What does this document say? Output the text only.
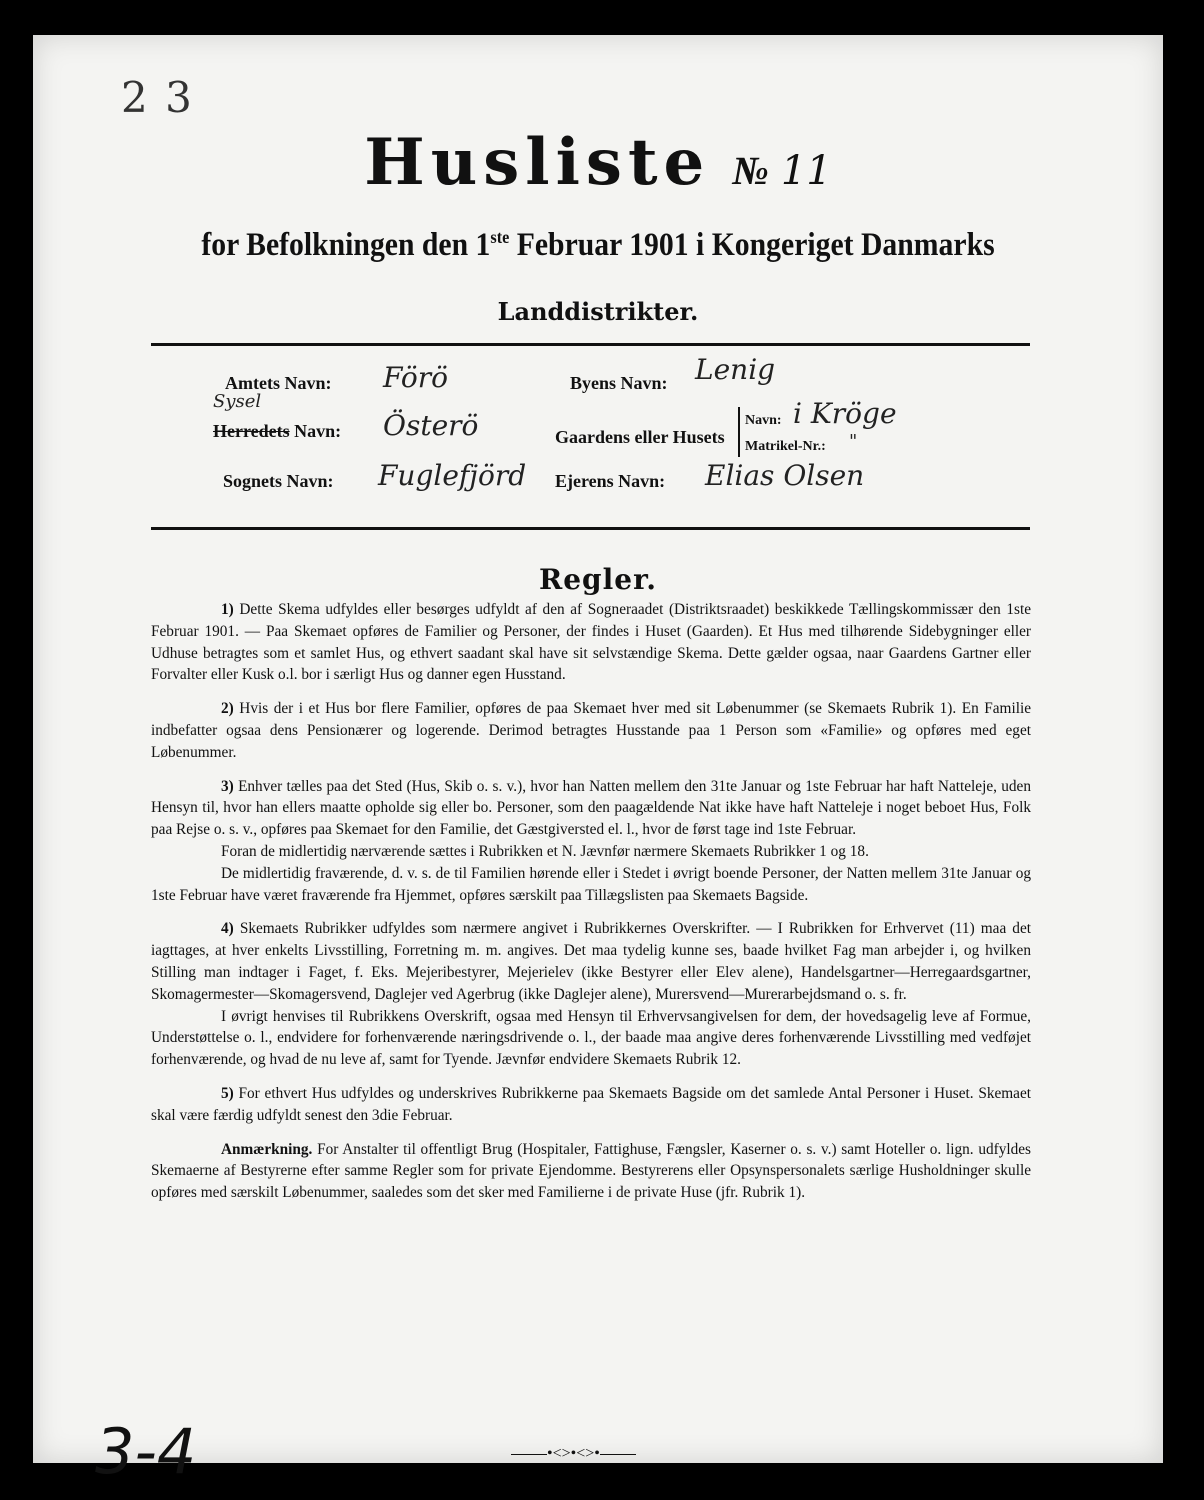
2 3
Husliste № 11
for Befolkningen den 1ste Februar 1901 i Kongeriget Danmarks
Landdistrikter.
Amtets Navn: Förö	Byens Navn: Lenig
Sysel
Herredets Navn: Österö	Gaardens eller Husets
Navn: i Kröge
Matrikel-Nr.: "
Sognets Navn: Fuglefjörd Ejerens Navn: Elias Olsen
Regler.

1) Dette Skema udfyldes eller besørges udfyldt af den af Sogneraadet (Distriktsraadet) beskikkede Tællingskommissær den 1ste Februar 1901. — Paa Skemaet opføres de Familier og Personer, der findes i Huset (Gaarden). Et Hus med tilhørende Sidebygninger eller Udhuse betragtes som et samlet Hus, og ethvert saadant skal have sit selvstændige Skema. Dette gælder ogsaa, naar Gaardens Gartner eller Forvalter eller Kusk o.l. bor i særligt Hus og danner egen Husstand.

2) Hvis der i et Hus bor flere Familier, opføres de paa Skemaet hver med sit Løbenummer (se Skemaets Rubrik 1). En Familie indbefatter ogsaa dens Pensionærer og logerende. Derimod betragtes Husstande paa 1 Person som «Familie» og opføres med eget Løbenummer.

3) Enhver tælles paa det Sted (Hus, Skib o. s. v.), hvor han Natten mellem den 31te Januar og 1ste Februar har haft Natteleje, uden Hensyn til, hvor han ellers maatte opholde sig eller bo. Personer, som den paagældende Nat ikke have haft Natteleje i noget beboet Hus, Folk paa Rejse o. s. v., opføres paa Skemaet for den Familie, det Gæstgiversted el. l., hvor de først tage ind 1ste Februar.

Foran de midlertidig nærværende sættes i Rubrikken et N. Jævnfør nærmere Skemaets Rubrikker 1 og 18.

De midlertidig fraværende, d. v. s. de til Familien hørende eller i Stedet i øvrigt boende Personer, der Natten mellem 31te Januar og 1ste Februar have været fraværende fra Hjemmet, opføres særskilt paa Tillægslisten paa Skemaets Bagside.

4) Skemaets Rubrikker udfyldes som nærmere angivet i Rubrikkernes Overskrifter. — I Rubrikken for Erhvervet (11) maa det iagttages, at hver enkelts Livsstilling, Forretning m. m. angives. Det maa tydelig kunne ses, baade hvilket Fag man arbejder i, og hvilken Stilling man indtager i Faget, f. Eks. Mejeribestyrer, Mejerielev (ikke Bestyrer eller Elev alene), Handelsgartner—Herregaardsgartner, Skomagermester—Skomagersvend, Daglejer ved Agerbrug (ikke Daglejer alene), Murersvend—Murerarbejdsmand o. s. fr.

I øvrigt henvises til Rubrikkens Overskrift, ogsaa med Hensyn til Erhvervsangivelsen for dem, der hovedsagelig leve af Formue, Understøttelse o. l., endvidere for forhenværende næringsdrivende o. l., der baade maa angive deres forhenværende Livsstilling med vedføjet forhenværende, og hvad de nu leve af, samt for Tyende. Jævnfør endvidere Skemaets Rubrik 12.

5) For ethvert Hus udfyldes og underskrives Rubrikkerne paa Skemaets Bagside om det samlede Antal Personer i Huset. Skemaet skal være færdig udfyldt senest den 3die Februar.

Anmærkning. For Anstalter til offentligt Brug (Hospitaler, Fattighuse, Fængsler, Kaserner o. s. v.) samt Hoteller o. lign. udfyldes Skemaerne af Bestyrerne efter samme Regler som for private Ejendomme. Bestyrerens eller Opsynspersonalets særlige Husholdninger skulle opføres med særskilt Løbenummer, saaledes som det sker med Familierne i de private Huse (jfr. Rubrik 1).

•<>•<>•
3-4
